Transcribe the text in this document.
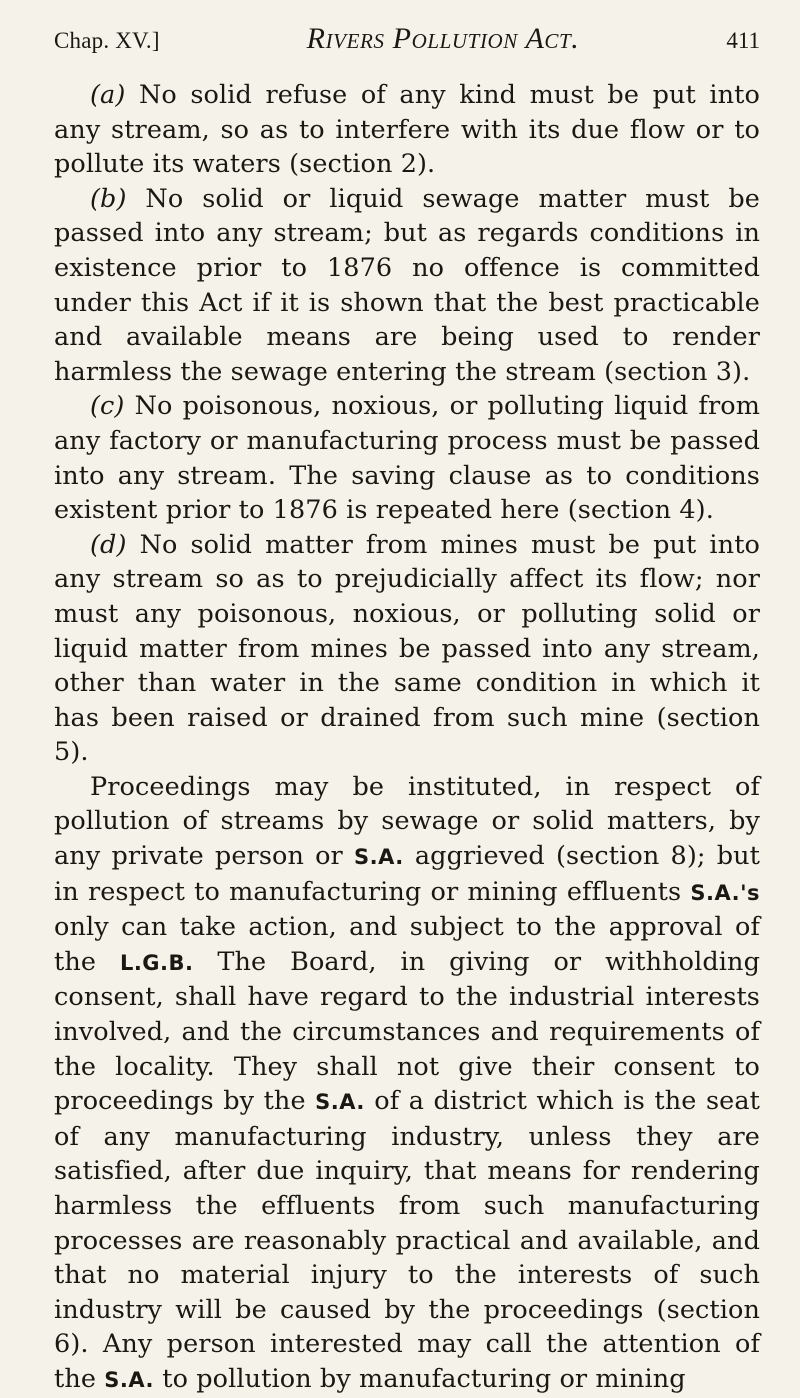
Chap. XV.]	Rivers Pollution Act.	411

(a) No solid refuse of any kind must be put into any stream, so as to interfere with its due flow or to pollute its waters (section 2).

(b) No solid or liquid sewage matter must be passed into any stream; but as regards conditions in existence prior to 1876 no offence is committed under this Act if it is shown that the best practicable and available means are being used to render harmless the sewage entering the stream (section 3).

(c) No poisonous, noxious, or polluting liquid from any factory or manufacturing process must be passed into any stream. The saving clause as to conditions existent prior to 1876 is repeated here (section 4).

(d) No solid matter from mines must be put into any stream so as to prejudicially affect its flow; nor must any poisonous, noxious, or polluting solid or liquid matter from mines be passed into any stream, other than water in the same condition in which it has been raised or drained from such mine (section 5).

Proceedings may be instituted, in respect of pollution of streams by sewage or solid matters, by any private person or S.A. aggrieved (section 8); but in respect to manufacturing or mining effluents S.A.'s only can take action, and subject to the approval of the L.G.B. The Board, in giving or withholding consent, shall have regard to the industrial interests involved, and the circumstances and requirements of the locality. They shall not give their consent to proceedings by the S.A. of a district which is the seat of any manufacturing industry, unless they are satisfied, after due inquiry, that means for rendering harmless the effluents from such manufacturing processes are reasonably practical and available, and that no material injury to the interests of such industry will be caused by the proceedings (section 6). Any person interested may call the attention of the S.A. to pollution by manufacturing or mining
